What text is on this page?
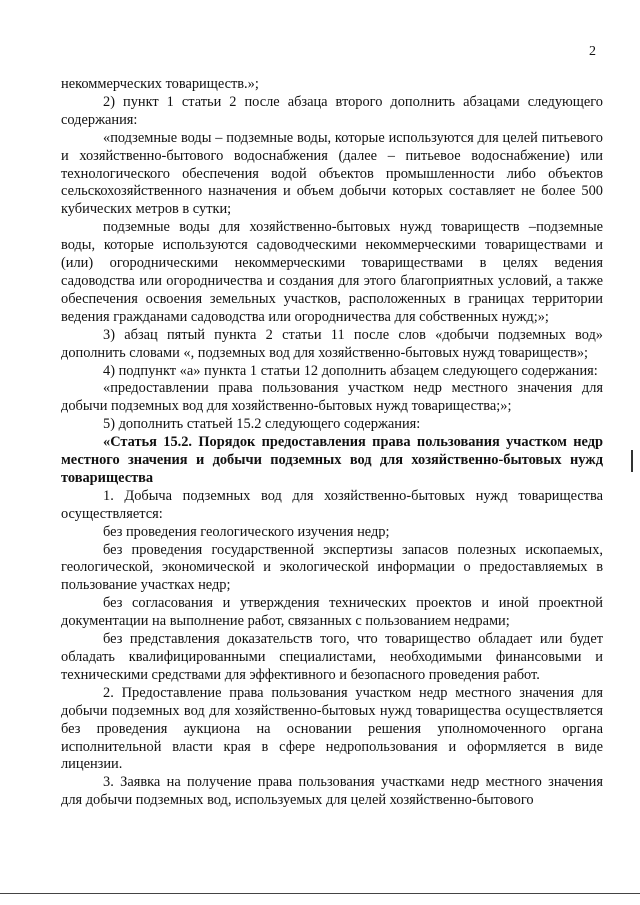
2

некоммерческих товариществ.»;

2) пункт 1 статьи 2 после абзаца второго дополнить абзацами следующего содержания:

«подземные воды – подземные воды, которые используются для целей питьевого и хозяйственно-бытового водоснабжения (далее – питьевое водоснабжение) или технологического обеспечения водой объектов промышленности либо объектов сельскохозяйственного назначения и объем добычи которых составляет не более 500 кубических метров в сутки;

подземные воды для хозяйственно-бытовых нужд товариществ –подземные воды, которые используются садоводческими некоммерческими товариществами и (или) огородническими некоммерческими товариществами в целях ведения садоводства или огородничества и создания для этого благоприятных условий, а также обеспечения освоения земельных участков, расположенных в границах территории ведения гражданами садоводства или огородничества для собственных нужд;»;

3) абзац пятый пункта 2 статьи 11 после слов «добычи подземных вод» дополнить словами «, подземных вод для хозяйственно-бытовых нужд товариществ»;

4) подпункт «а» пункта 1 статьи 12 дополнить абзацем следующего содержания:

«предоставлении права пользования участком недр местного значения для добычи подземных вод для хозяйственно-бытовых нужд товарищества;»;

5) дополнить статьей 15.2 следующего содержания:

«Статья 15.2. Порядок предоставления права пользования участком недр местного значения и добычи подземных вод для хозяйственно-бытовых нужд товарищества

1. Добыча подземных вод для хозяйственно-бытовых нужд товарищества осуществляется:

без проведения геологического изучения недр;

без проведения государственной экспертизы запасов полезных ископаемых, геологической, экономической и экологической информации о предоставляемых в пользование участках недр;

без согласования и утверждения технических проектов и иной проектной документации на выполнение работ, связанных с пользованием недрами;

без представления доказательств того, что товарищество обладает или будет обладать квалифицированными специалистами, необходимыми финансовыми и техническими средствами для эффективного и безопасного проведения работ.

2. Предоставление права пользования участком недр местного значения для добычи подземных вод для хозяйственно-бытовых нужд товарищества осуществляется без проведения аукциона на основании решения уполномоченного органа исполнительной власти края в сфере недропользования и оформляется в виде лицензии.

3. Заявка на получение права пользования участками недр местного значения для добычи подземных вод, используемых для целей хозяйственно-бытового
